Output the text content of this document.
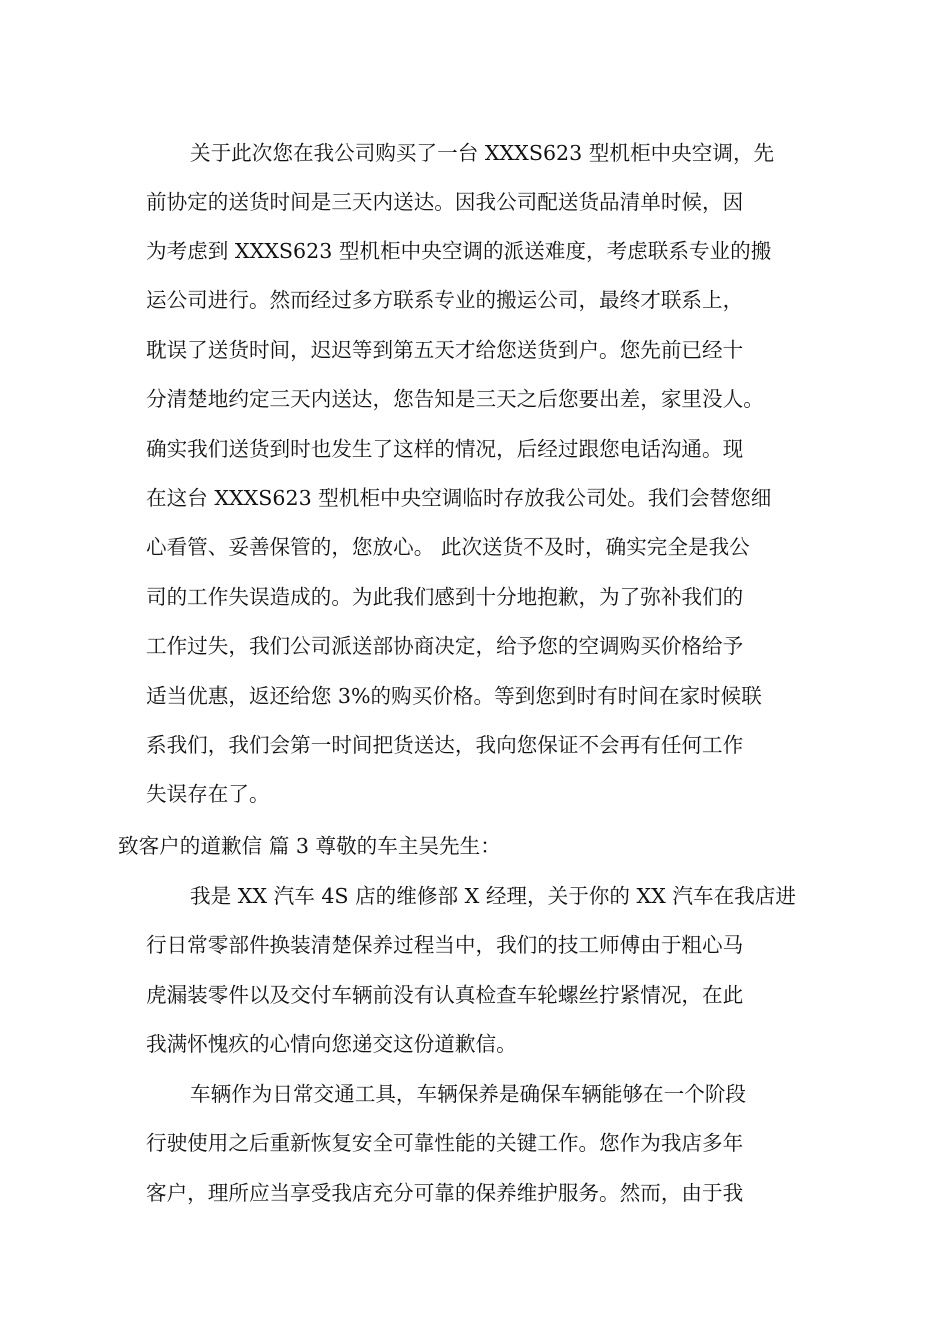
关于此次您在我公司购买了一台 XXXS623 型机柜中央空调，先

前协定的送货时间是三天内送达。因我公司配送货品清单时候，因

为考虑到 XXXS623 型机柜中央空调的派送难度，考虑联系专业的搬

运公司进行。然而经过多方联系专业的搬运公司，最终才联系上，

耽误了送货时间，迟迟等到第五天才给您送货到户。您先前已经十

分清楚地约定三天内送达，您告知是三天之后您要出差，家里没人。

确实我们送货到时也发生了这样的情况，后经过跟您电话沟通。现

在这台 XXXS623 型机柜中央空调临时存放我公司处。我们会替您细

心看管、妥善保管的，您放心。 此次送货不及时，确实完全是我公

司的工作失误造成的。为此我们感到十分地抱歉，为了弥补我们的

工作过失，我们公司派送部协商决定，给予您的空调购买价格给予

适当优惠，返还给您 3%的购买价格。等到您到时有时间在家时候联

系我们，我们会第一时间把货送达，我向您保证不会再有任何工作

失误存在了。

致客户的道歉信 篇 3 尊敬的车主吴先生：

我是 XX 汽车 4S 店的维修部 X 经理，关于你的 XX 汽车在我店进

行日常零部件换装清楚保养过程当中，我们的技工师傅由于粗心马

虎漏装零件以及交付车辆前没有认真检查车轮螺丝拧紧情况，在此

我满怀愧疚的心情向您递交这份道歉信。

车辆作为日常交通工具，车辆保养是确保车辆能够在一个阶段

行驶使用之后重新恢复安全可靠性能的关键工作。您作为我店多年

客户，理所应当享受我店充分可靠的保养维护服务。然而，由于我
